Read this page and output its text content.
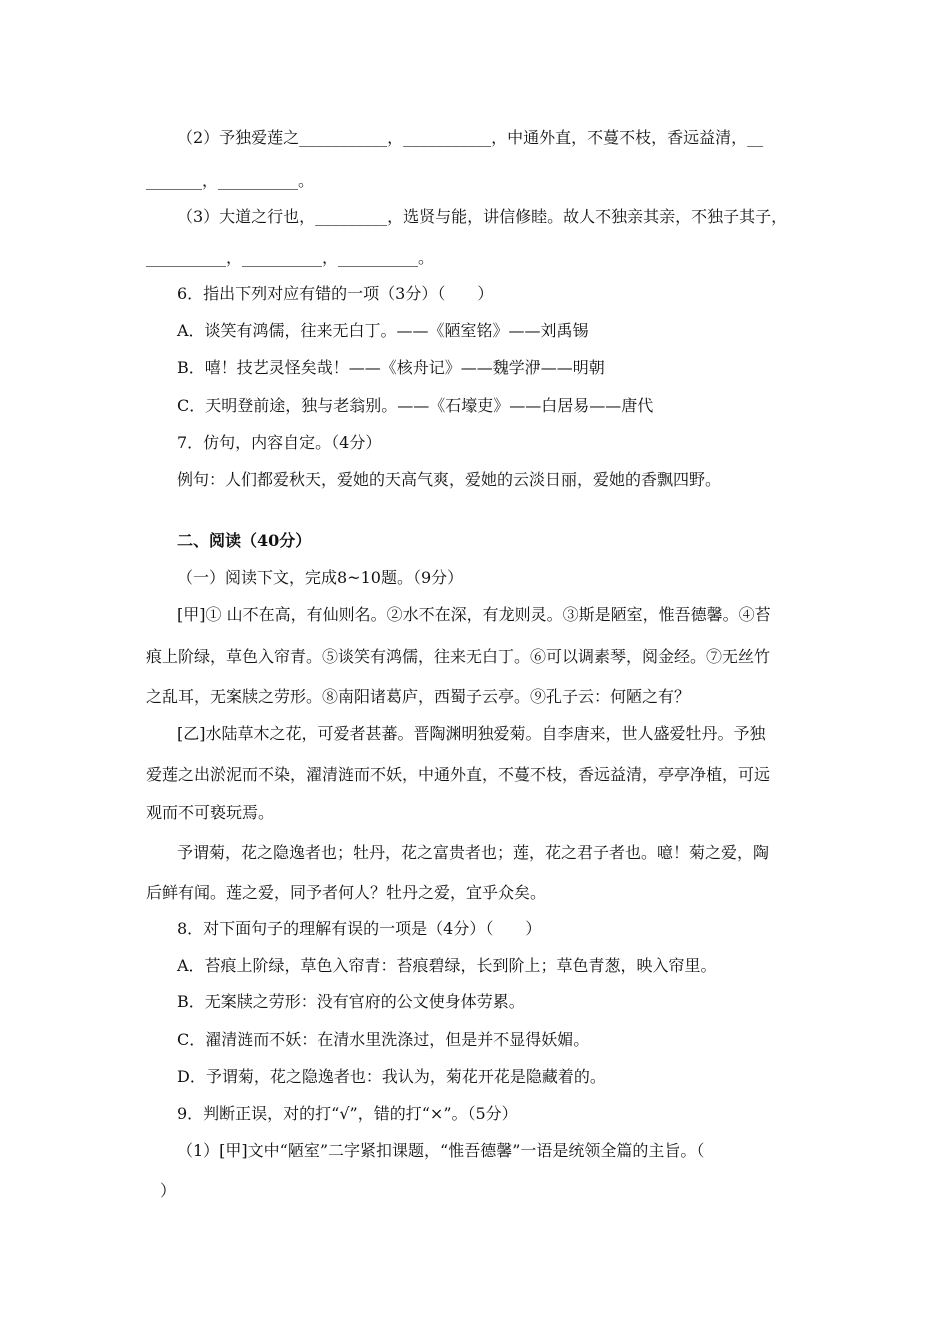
（2）予独爱莲之___________，___________，中通外直，不蔓不枝，香远益清，__
_______，__________。
（3）大道之行也，_________，选贤与能，讲信修睦。故人不独亲其亲，不独子其子，
__________，__________，__________。
6．指出下列对应有错的一项（3分）（　　）
A．谈笑有鸿儒，往来无白丁。——《陋室铭》——刘禹锡
B．嘻！技艺灵怪矣哉！——《核舟记》——魏学洢——明朝
C．天明登前途，独与老翁别。——《石壕吏》——白居易——唐代
7．仿句，内容自定。（4分）
例句：人们都爱秋天，爱她的天高气爽，爱她的云淡日丽，爱她的香飘四野。
二、阅读（40分）
（一）阅读下文，完成8~10题。（9分）
[甲]① 山不在高，有仙则名。②水不在深，有龙则灵。③斯是陋室，惟吾德馨。④苔
痕上阶绿，草色入帘青。⑤谈笑有鸿儒，往来无白丁。⑥可以调素琴，阅金经。⑦无丝竹
之乱耳，无案牍之劳形。⑧南阳诸葛庐，西蜀子云亭。⑨孔子云：何陋之有？
[乙]水陆草木之花，可爱者甚蕃。晋陶渊明独爱菊。自李唐来，世人盛爱牡丹。予独
爱莲之出淤泥而不染，濯清涟而不妖，中通外直，不蔓不枝，香远益清，亭亭净植，可远
观而不可亵玩焉。
予谓菊，花之隐逸者也；牡丹，花之富贵者也；莲，花之君子者也。噫！菊之爱，陶
后鲜有闻。莲之爱，同予者何人？牡丹之爱，宜乎众矣。
8．对下面句子的理解有误的一项是（4分）（　　）
A．苔痕上阶绿，草色入帘青：苔痕碧绿，长到阶上；草色青葱，映入帘里。
B．无案牍之劳形：没有官府的公文使身体劳累。
C．濯清涟而不妖：在清水里洗涤过，但是并不显得妖媚。
D．予谓菊，花之隐逸者也：我认为，菊花开花是隐藏着的。
9．判断正误，对的打“√”，错的打“×”。（5分）
（1）[甲]文中“陋室”二字紧扣课题，“惟吾德馨”一语是统领全篇的主旨。（
）
